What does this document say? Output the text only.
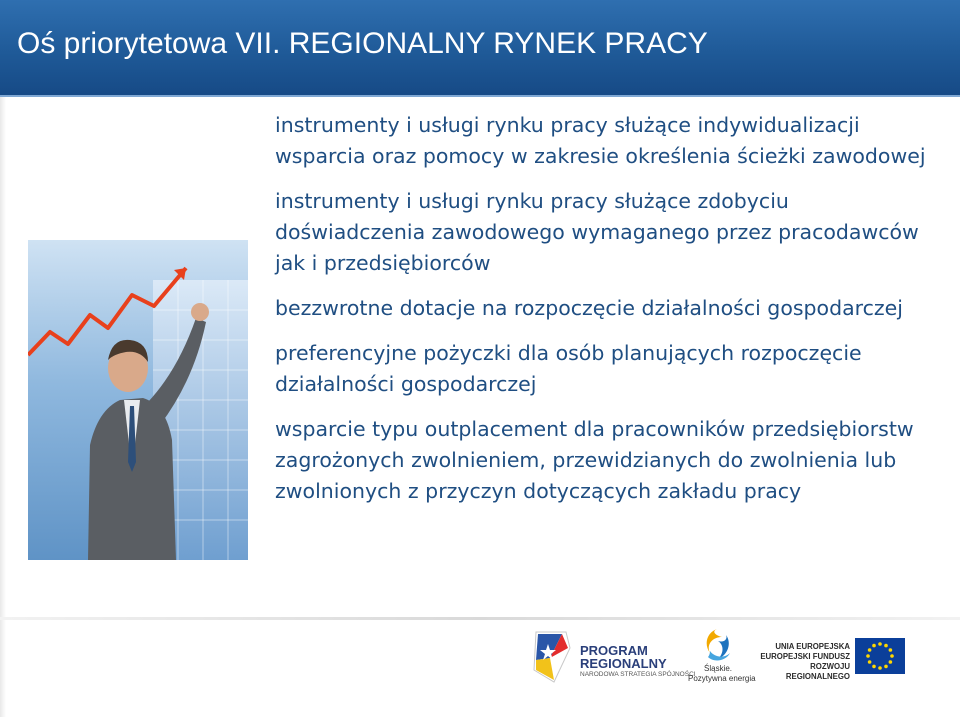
Oś priorytetowa VII. REGIONALNY RYNEK PRACY
instrumenty i usługi rynku pracy służące indywidualizacji wsparcia oraz pomocy w zakresie określenia ścieżki zawodowej
instrumenty i usługi rynku pracy służące zdobyciu doświadczenia zawodowego wymaganego przez pracodawców jak i przedsiębiorców
bezzwrotne dotacje na rozpoczęcie działalności gospodarczej
preferencyjne pożyczki dla osób planujących rozpoczęcie działalności gospodarczej
wsparcie typu outplacement dla pracowników przedsiębiorstw zagrożonych zwolnieniem, przewidzianych do zwolnienia lub zwolnionych z przyczyn dotyczących zakładu pracy
PROGRAM
REGIONALNY
NARODOWA STRATEGIA SPÓJNOŚCI
Śląskie.
Pozytywna energia
UNIA EUROPEJSKA
EUROPEJSKI FUNDUSZ
ROZWOJU REGIONALNEGO
